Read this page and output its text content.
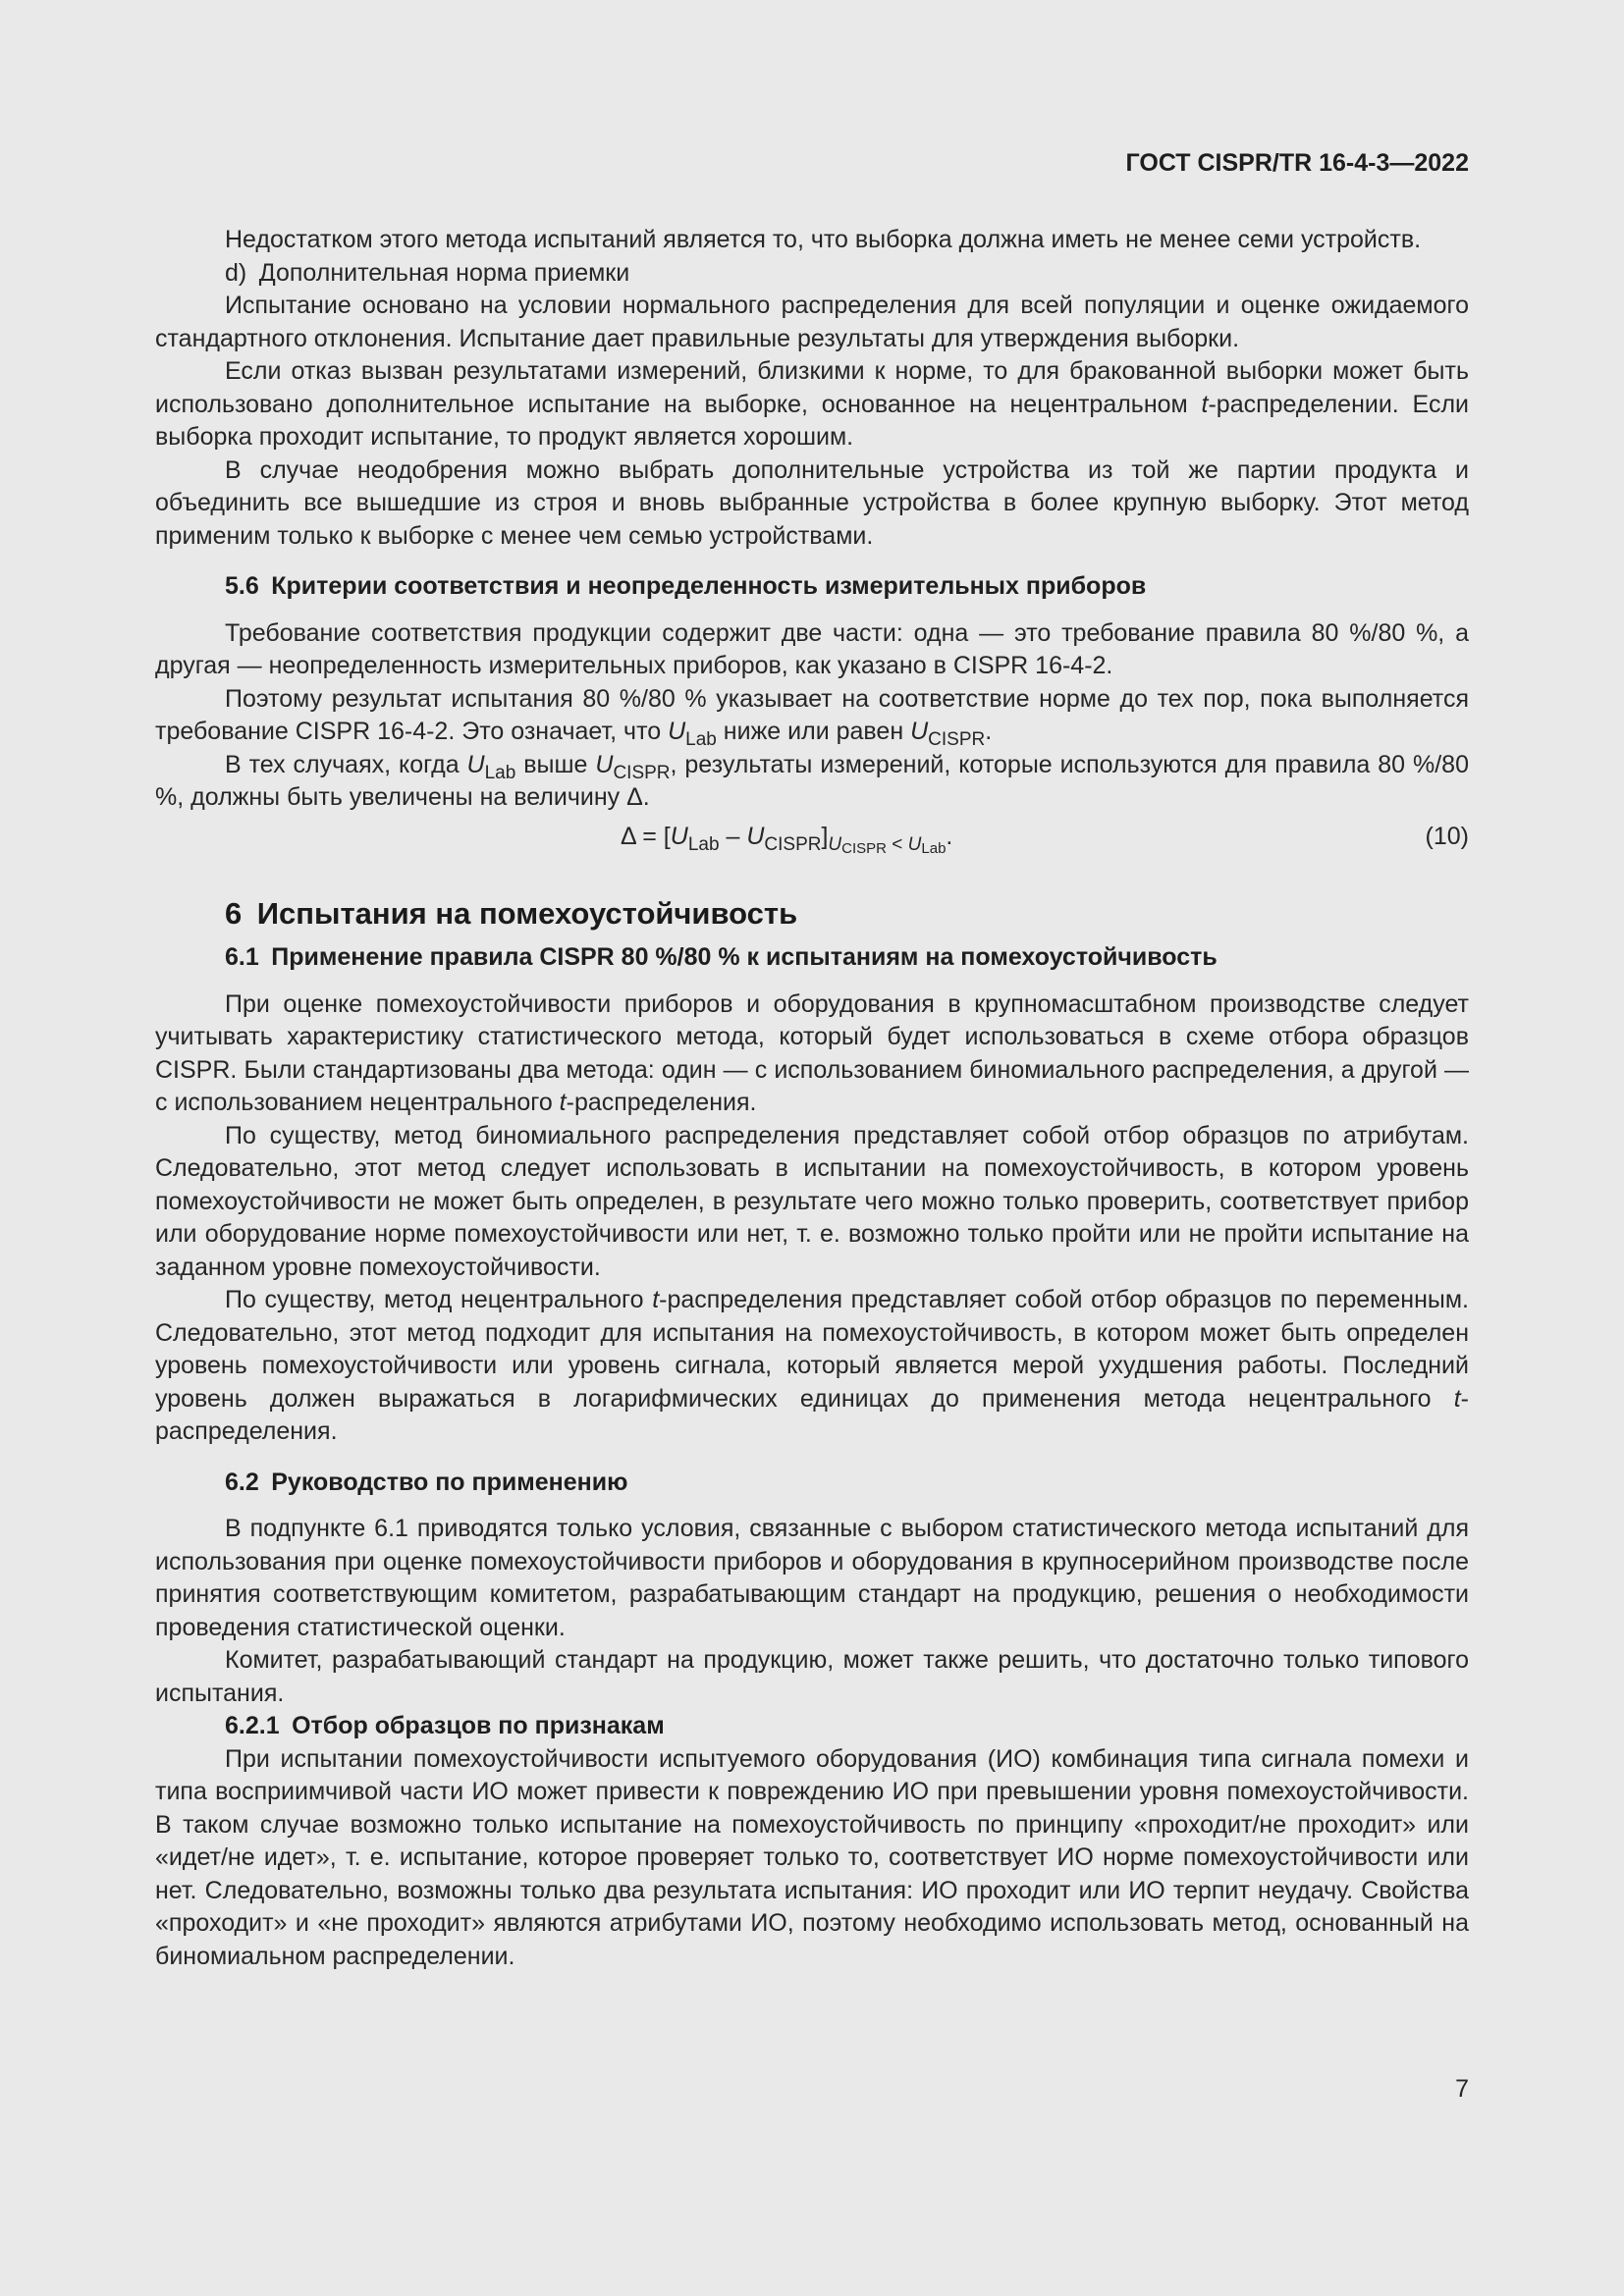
ГОСТ CISPR/TR 16-4-3—2022
Недостатком этого метода испытаний является то, что выборка должна иметь не менее семи устройств.
d) Дополнительная норма приемки
Испытание основано на условии нормального распределения для всей популяции и оценке ожидаемого стандартного отклонения. Испытание дает правильные результаты для утверждения выборки.
Если отказ вызван результатами измерений, близкими к норме, то для бракованной выборки может быть использовано дополнительное испытание на выборке, основанное на нецентральном t-распределении. Если выборка проходит испытание, то продукт является хорошим.
В случае неодобрения можно выбрать дополнительные устройства из той же партии продукта и объединить все вышедшие из строя и вновь выбранные устройства в более крупную выборку. Этот метод применим только к выборке с менее чем семью устройствами.
5.6 Критерии соответствия и неопределенность измерительных приборов
Требование соответствия продукции содержит две части: одна — это требование правила 80 %/80 %, а другая — неопределенность измерительных приборов, как указано в CISPR 16-4-2.
Поэтому результат испытания 80 %/80 % указывает на соответствие норме до тех пор, пока выполняется требование CISPR 16-4-2. Это означает, что $U_{Lab}$ ниже или равен $U_{CISPR}$.
В тех случаях, когда $U_{Lab}$ выше $U_{CISPR}$, результаты измерений, которые используются для правила 80 %/80 %, должны быть увеличены на величину Δ.
$\Delta = [U_{Lab} - U_{CISPR}]_{U_{CISPR} < U_{Lab}}$.	(10)
6 Испытания на помехоустойчивость
6.1 Применение правила CISPR 80 %/80 % к испытаниям на помехоустойчивость
При оценке помехоустойчивости приборов и оборудования в крупномасштабном производстве следует учитывать характеристику статистического метода, который будет использоваться в схеме отбора образцов CISPR. Были стандартизованы два метода: один — с использованием биномиального распределения, а другой — с использованием нецентрального t-распределения.
По существу, метод биномиального распределения представляет собой отбор образцов по атрибутам. Следовательно, этот метод следует использовать в испытании на помехоустойчивость, в котором уровень помехоустойчивости не может быть определен, в результате чего можно только проверить, соответствует прибор или оборудование норме помехоустойчивости или нет, т. е. возможно только пройти или не пройти испытание на заданном уровне помехоустойчивости.
По существу, метод нецентрального t-распределения представляет собой отбор образцов по переменным. Следовательно, этот метод подходит для испытания на помехоустойчивость, в котором может быть определен уровень помехоустойчивости или уровень сигнала, который является мерой ухудшения работы. Последний уровень должен выражаться в логарифмических единицах до применения метода нецентрального t-распределения.
6.2 Руководство по применению
В подпункте 6.1 приводятся только условия, связанные с выбором статистического метода испытаний для использования при оценке помехоустойчивости приборов и оборудования в крупносерийном производстве после принятия соответствующим комитетом, разрабатывающим стандарт на продукцию, решения о необходимости проведения статистической оценки.
Комитет, разрабатывающий стандарт на продукцию, может также решить, что достаточно только типового испытания.
6.2.1 Отбор образцов по признакам
При испытании помехоустойчивости испытуемого оборудования (ИО) комбинация типа сигнала помехи и типа восприимчивой части ИО может привести к повреждению ИО при превышении уровня помехоустойчивости. В таком случае возможно только испытание на помехоустойчивость по принципу «проходит/не проходит» или «идет/не идет», т. е. испытание, которое проверяет только то, соответствует ИО норме помехоустойчивости или нет. Следовательно, возможны только два результата испытания: ИО проходит или ИО терпит неудачу. Свойства «проходит» и «не проходит» являются атрибутами ИО, поэтому необходимо использовать метод, основанный на биномиальном распределении.
7
